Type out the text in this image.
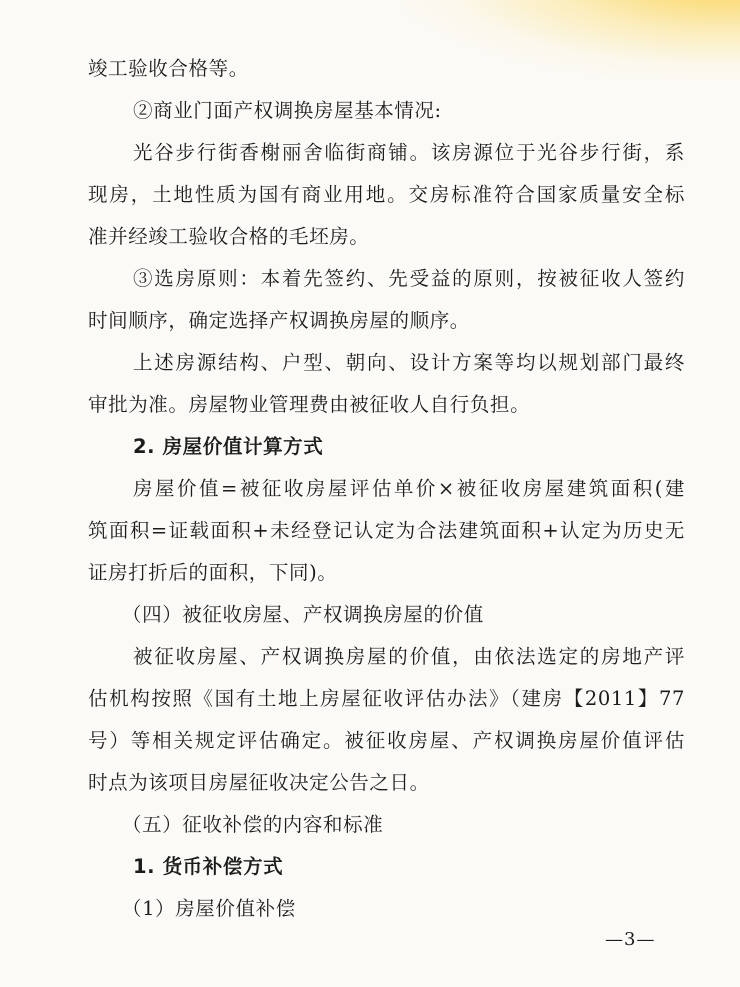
竣工验收合格等。
②商业门面产权调换房屋基本情况:
光谷步行街香榭丽舍临街商铺。该房源位于光谷步行街，系
现房，土地性质为国有商业用地。交房标准符合国家质量安全标
准并经竣工验收合格的毛坯房。
③选房原则：本着先签约、先受益的原则，按被征收人签约
时间顺序，确定选择产权调换房屋的顺序。
上述房源结构、户型、朝向、设计方案等均以规划部门最终
审批为准。房屋物业管理费由被征收人自行负担。
2. 房屋价值计算方式
房屋价值=被征收房屋评估单价×被征收房屋建筑面积(建
筑面积=证载面积+未经登记认定为合法建筑面积+认定为历史无
证房打折后的面积，下同)。
（四）被征收房屋、产权调换房屋的价值
被征收房屋、产权调换房屋的价值，由依法选定的房地产评
估机构按照《国有土地上房屋征收评估办法》（建房【2011】77
号）等相关规定评估确定。被征收房屋、产权调换房屋价值评估
时点为该项目房屋征收决定公告之日。
（五）征收补偿的内容和标准
1. 货币补偿方式
（1）房屋价值补偿
—3—
